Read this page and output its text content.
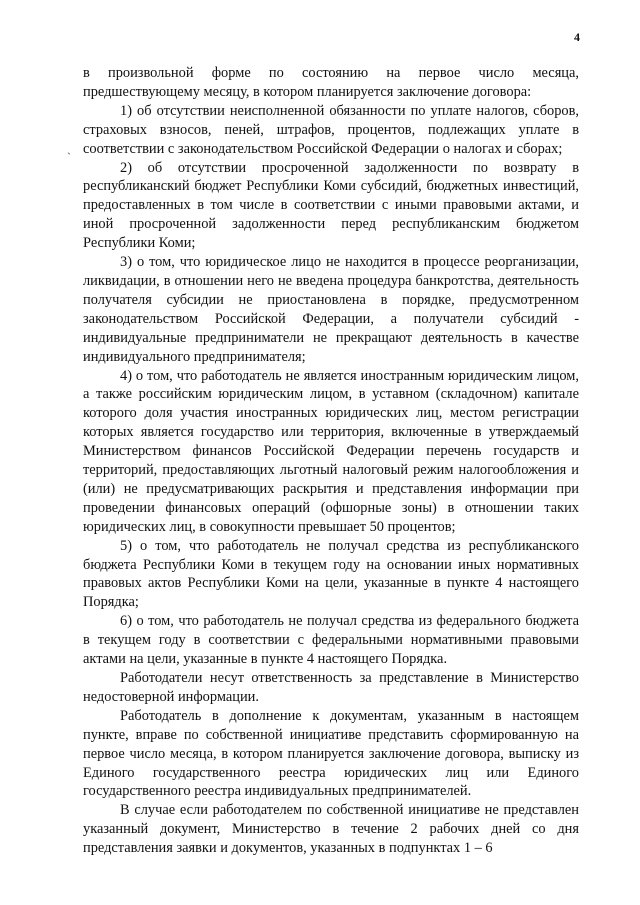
4
`

в произвольной форме по состоянию на первое число месяца, предшествующему месяцу, в котором планируется заключение договора:

1) об отсутствии неисполненной обязанности по уплате налогов, сборов, страховых взносов, пеней, штрафов, процентов, подлежащих уплате в соответствии с законодательством Российской Федерации о налогах и сборах;

2) об отсутствии просроченной задолженности по возврату в республиканский бюджет Республики Коми субсидий, бюджетных инвестиций, предоставленных в том числе в соответствии с иными правовыми актами, и иной просроченной задолженности перед республиканским бюджетом Республики Коми;

3) о том, что юридическое лицо не находится в процессе реорганизации, ликвидации, в отношении него не введена процедура банкротства, деятельность получателя субсидии не приостановлена в порядке, предусмотренном законодательством Российской Федерации, а получатели субсидий - индивидуальные предприниматели не прекращают деятельность в качестве индивидуального предпринимателя;

4) о том, что работодатель не является иностранным юридическим лицом, а также российским юридическим лицом, в уставном (складочном) капитале которого доля участия иностранных юридических лиц, местом регистрации которых является государство или территория, включенные в утверждаемый Министерством финансов Российской Федерации перечень государств и территорий, предоставляющих льготный налоговый режим налогообложения и (или) не предусматривающих раскрытия и представления информации при проведении финансовых операций (офшорные зоны) в отношении таких юридических лиц, в совокупности превышает 50 процентов;

5) о том, что работодатель не получал средства из республиканского бюджета Республики Коми в текущем году на основании иных нормативных правовых актов Республики Коми на цели, указанные в пункте 4 настоящего Порядка;

6) о том, что работодатель не получал средства из федерального бюджета в текущем году в соответствии с федеральными нормативными правовыми актами на цели, указанные в пункте 4 настоящего Порядка.

Работодатели несут ответственность за представление в Министерство недостоверной информации.

Работодатель в дополнение к документам, указанным в настоящем пункте, вправе по собственной инициативе представить сформированную на первое число месяца, в котором планируется заключение договора, выписку из Единого государственного реестра юридических лиц или Единого государственного реестра индивидуальных предпринимателей.

В случае если работодателем по собственной инициативе не представлен указанный документ, Министерство в течение 2 рабочих дней со дня представления заявки и документов, указанных в подпунктах 1 – 6
